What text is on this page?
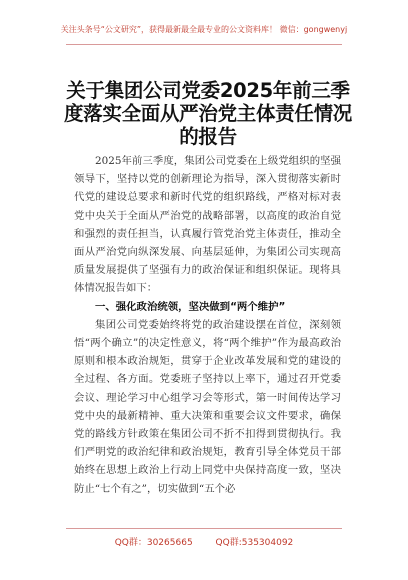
关注头条号“公文研究”，获得最新最全最专业的公文资料库！ 微信：gongwenyj
关于集团公司党委2025年前三季度落实全面从严治党主体责任情况的报告

2025年前三季度，集团公司党委在上级党组织的坚强领导下，坚持以党的创新理论为指导，深入贯彻落实新时代党的建设总要求和新时代党的组织路线，严格对标对表党中央关于全面从严治党的战略部署，以高度的政治自觉和强烈的责任担当，认真履行管党治党主体责任，推动全面从严治党向纵深发展、向基层延伸，为集团公司实现高质量发展提供了坚强有力的政治保证和组织保证。现将具体情况报告如下：

一、强化政治统领，坚决做到“两个维护”

集团公司党委始终将党的政治建设摆在首位，深刻领悟“两个确立”的决定性意义，将“两个维护”作为最高政治原则和根本政治规矩，贯穿于企业改革发展和党的建设的全过程、各方面。党委班子坚持以上率下，通过召开党委会议、理论学习中心组学习会等形式，第一时间传达学习党中央的最新精神、重大决策和重要会议文件要求，确保党的路线方针政策在集团公司不折不扣得到贯彻执行。我们严明党的政治纪律和政治规矩，教育引导全体党员干部始终在思想上政治上行动上同党中央保持高度一致，坚决防止“七个有之”，切实做到“五个必

QQ群：30265665	QQ群:535304092
